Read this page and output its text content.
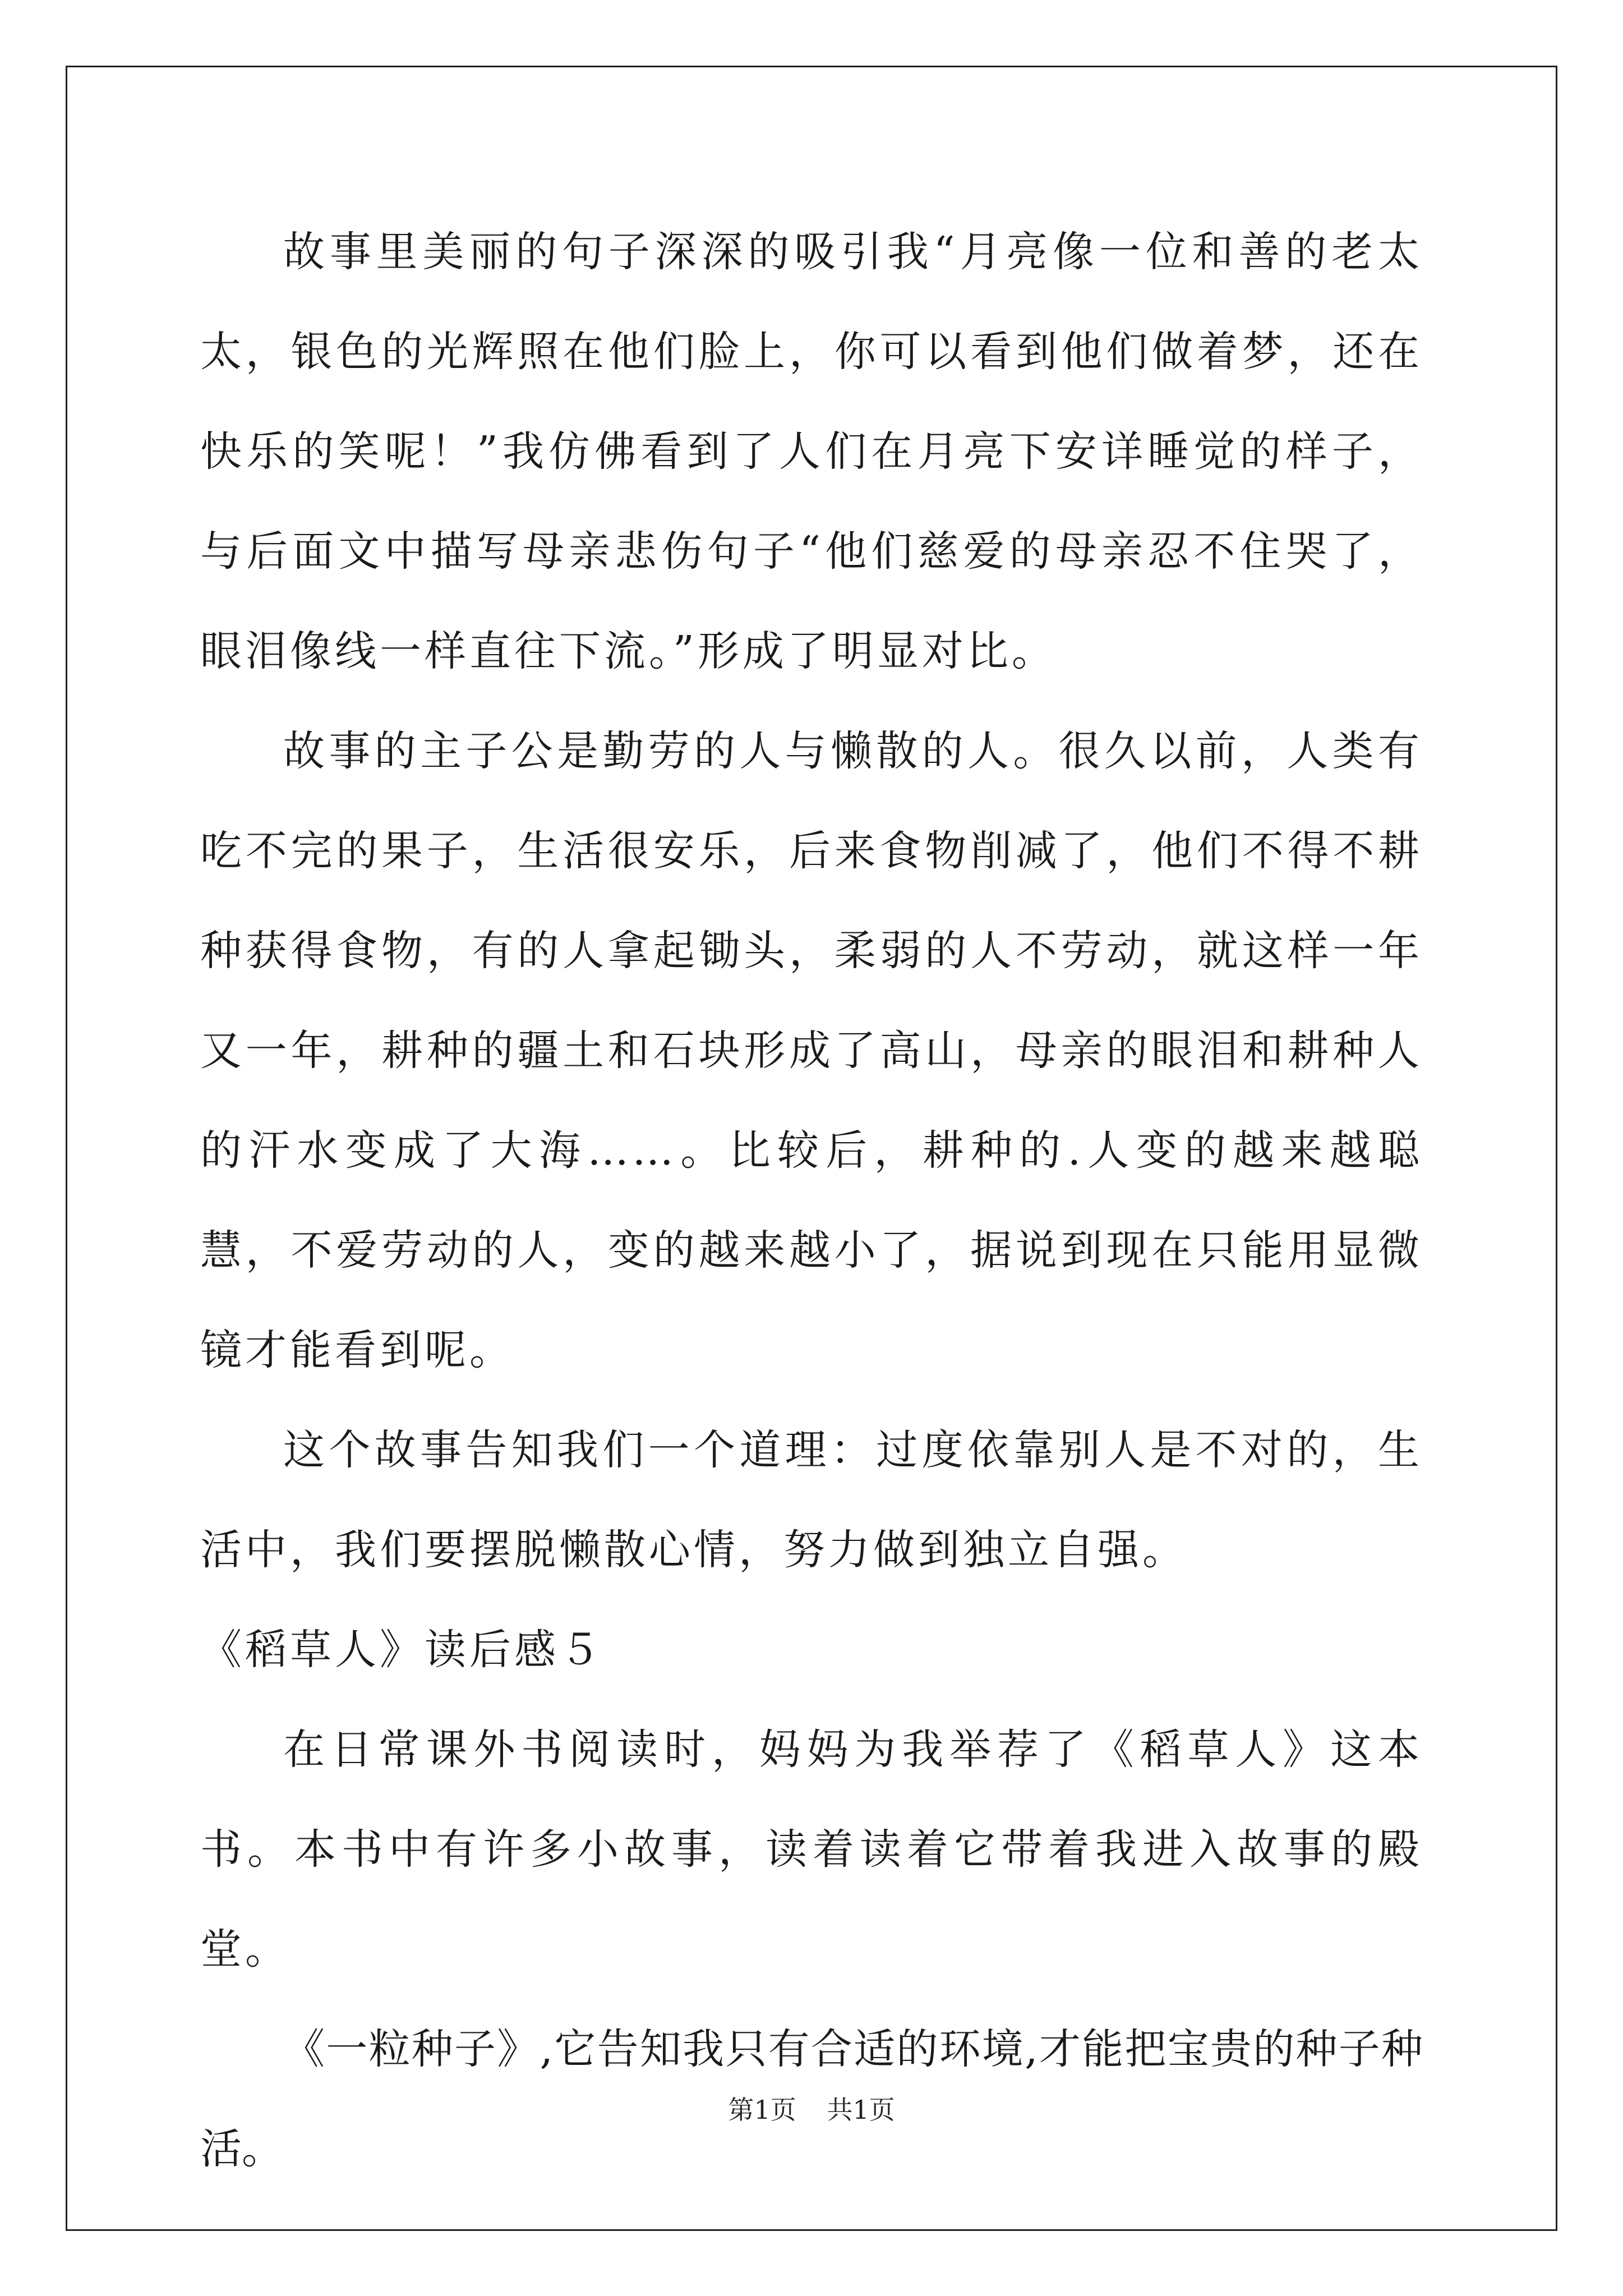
故事里美丽的句子深深的吸引我“月亮像一位和善的老太太，银色的光辉照在他们脸上，你可以看到他们做着梦，还在快乐的笑呢！”我仿佛看到了人们在月亮下安详睡觉的样子，与后面文中描写母亲悲伤句子“他们慈爱的母亲忍不住哭了，眼泪像线一样直往下流。”形成了明显对比。

故事的主子公是勤劳的人与懒散的人。很久以前，人类有吃不完的果子，生活很安乐，后来食物削减了，他们不得不耕种获得食物，有的人拿起锄头，柔弱的人不劳动，就这样一年又一年，耕种的疆土和石块形成了高山，母亲的眼泪和耕种人的汗水变成了大海……。比较后，耕种的.人变的越来越聪慧，不爱劳动的人，变的越来越小了，据说到现在只能用显微镜才能看到呢。

这个故事告知我们一个道理：过度依靠别人是不对的，生活中，我们要摆脱懒散心情，努力做到独立自强。

《稻草人》读后感５

在日常课外书阅读时，妈妈为我举荐了《稻草人》这本书。本书中有许多小故事，读着读着它带着我进入故事的殿堂。

《一粒种子》,它告知我只有合适的环境,才能把宝贵的种子种活。

第1页 共1页
